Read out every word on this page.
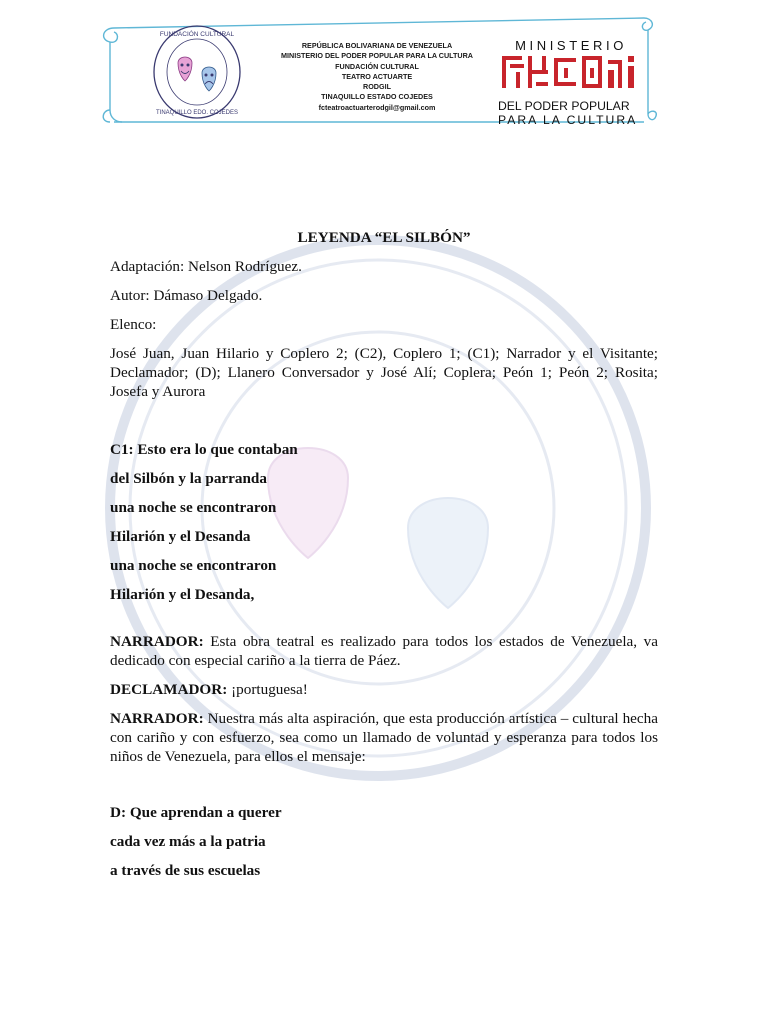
FUNDACIÓN CULTURAL
TINAQUILLO EDO. COJEDES
REPÚBLICA BOLIVARIANA DE VENEZUELA
MINISTERIO DEL PODER POPULAR PARA LA CULTURA
FUNDACIÓN CULTURAL
TEATRO ACTUARTE
RODGIL
TINAQUILLO ESTADO COJEDES
fcteatroactuarterodgil@gmail.com
MINISTERIO
DEL PODER POPULAR
PARA LA CULTURA

LEYENDA “EL SILBÓN”

Adaptación: Nelson Rodríguez.

Autor: Dámaso Delgado.

Elenco:

José Juan, Juan Hilario y Coplero 2; (C2), Coplero 1; (C1); Narrador y el Visitante; Declamador; (D); Llanero Conversador y José Alí; Coplera; Peón 1; Peón 2; Rosita; Josefa y Aurora

C1: Esto era lo que contaban

del Silbón y la parranda

una noche se encontraron

Hilarión y el Desanda

una noche se encontraron

Hilarión y el Desanda,

NARRADOR: Esta obra teatral es realizado para todos los estados de Venezuela, va dedicado con especial cariño a la tierra de Páez.

DECLAMADOR: ¡portuguesa!

NARRADOR: Nuestra más alta aspiración, que esta producción artística – cultural hecha con cariño y con esfuerzo, sea como un llamado de voluntad y esperanza para todos los niños de Venezuela, para ellos el mensaje:

D: Que aprendan a querer

cada vez más a la patria

a través de sus escuelas
